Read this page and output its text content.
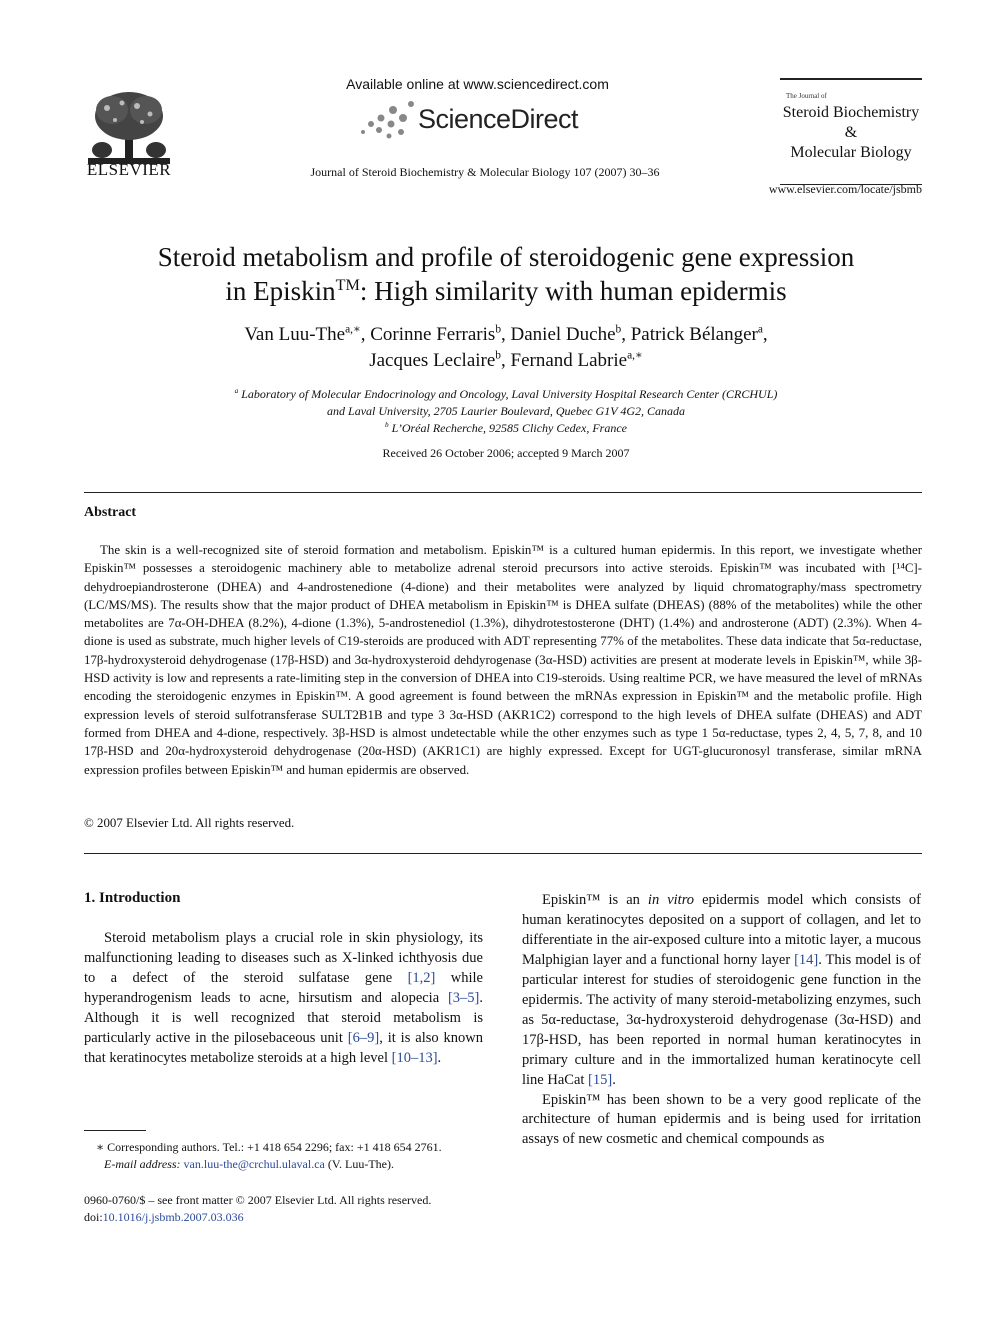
ELSEVIER
Available online at www.sciencedirect.com
ScienceDirect
Journal of Steroid Biochemistry & Molecular Biology 107 (2007) 30–36
The Journal of
Steroid Biochemistry
&
Molecular Biology
www.elsevier.com/locate/jsbmb
Steroid metabolism and profile of steroidogenic gene expression
in Episkin™: High similarity with human epidermis
Van Luu-The$^{a,∗}$, Corinne Ferraris$^b$, Daniel Duche$^b$, Patrick Bélanger$^a$,
Jacques Leclaire$^b$, Fernand Labrie$^{a,∗}$
$^a$ Laboratory of Molecular Endocrinology and Oncology, Laval University Hospital Research Center (CRCHUL)
and Laval University, 2705 Laurier Boulevard, Quebec G1V 4G2, Canada
$^b$ L’Oréal Recherche, 92585 Clichy Cedex, France
Received 26 October 2006; accepted 9 March 2007
Abstract

The skin is a well-recognized site of steroid formation and metabolism. Episkin™ is a cultured human epidermis. In this report, we investigate whether Episkin™ possesses a steroidogenic machinery able to metabolize adrenal steroid precursors into active steroids. Episkin™ was incubated with [¹⁴C]-dehydroepiandrosterone (DHEA) and 4-androstenedione (4-dione) and their metabolites were analyzed by liquid chromatography/mass spectrometry (LC/MS/MS). The results show that the major product of DHEA metabolism in Episkin™ is DHEA sulfate (DHEAS) (88% of the metabolites) while the other metabolites are 7α-OH-DHEA (8.2%), 4-dione (1.3%), 5-androstenediol (1.3%), dihydrotestosterone (DHT) (1.4%) and androsterone (ADT) (2.3%). When 4-dione is used as substrate, much higher levels of C19-steroids are produced with ADT representing 77% of the metabolites. These data indicate that 5α-reductase, 17β-hydroxysteroid dehydrogenase (17β-HSD) and 3α-hydroxysteroid dehdyrogenase (3α-HSD) activities are present at moderate levels in Episkin™, while 3β-HSD activity is low and represents a rate-limiting step in the conversion of DHEA into C19-steroids. Using realtime PCR, we have measured the level of mRNAs encoding the steroidogenic enzymes in Episkin™. A good agreement is found between the mRNAs expression in Episkin™ and the metabolic profile. High expression levels of steroid sulfotransferase SULT2B1B and type 3 3α-HSD (AKR1C2) correspond to the high levels of DHEA sulfate (DHEAS) and ADT formed from DHEA and 4-dione, respectively. 3β-HSD is almost undetectable while the other enzymes such as type 1 5α-reductase, types 2, 4, 5, 7, 8, and 10 17β-HSD and 20α-hydroxysteroid dehydrogenase (20α-HSD) (AKR1C1) are highly expressed. Except for UGT-glucuronosyl transferase, similar mRNA expression profiles between Episkin™ and human epidermis are observed.

© 2007 Elsevier Ltd. All rights reserved.
1. Introduction

Steroid metabolism plays a crucial role in skin physiology, its malfunctioning leading to diseases such as X-linked ichthyosis due to a defect of the steroid sulfatase gene [1,2] while hyperandrogenism leads to acne, hirsutism and alopecia [3–5]. Although it is well recognized that steroid metabolism is particularly active in the pilosebaceous unit [6–9], it is also known that keratinocytes metabolize steroids at a high level [10–13].

Episkin™ is an in vitro epidermis model which consists of human keratinocytes deposited on a support of collagen, and let to differentiate in the air-exposed culture into a mitotic layer, a mucous Malphigian layer and a functional horny layer [14]. This model is of particular interest for studies of steroidogenic gene function in the epidermis. The activity of many steroid-metabolizing enzymes, such as 5α-reductase, 3α-hydroxysteroid dehydrogenase (3α-HSD) and 17β-HSD, has been reported in normal human keratinocytes in primary culture and in the immortalized human keratinocyte cell line HaCat [15].

Episkin™ has been shown to be a very good replicate of the architecture of human epidermis and is being used for irritation assays of new cosmetic and chemical compounds as

∗ Corresponding authors. Tel.: +1 418 654 2296; fax: +1 418 654 2761.
E-mail address: van.luu-the@crchul.ulaval.ca (V. Luu-The).
0960-0760/$ – see front matter © 2007 Elsevier Ltd. All rights reserved.
doi:10.1016/j.jsbmb.2007.03.036
